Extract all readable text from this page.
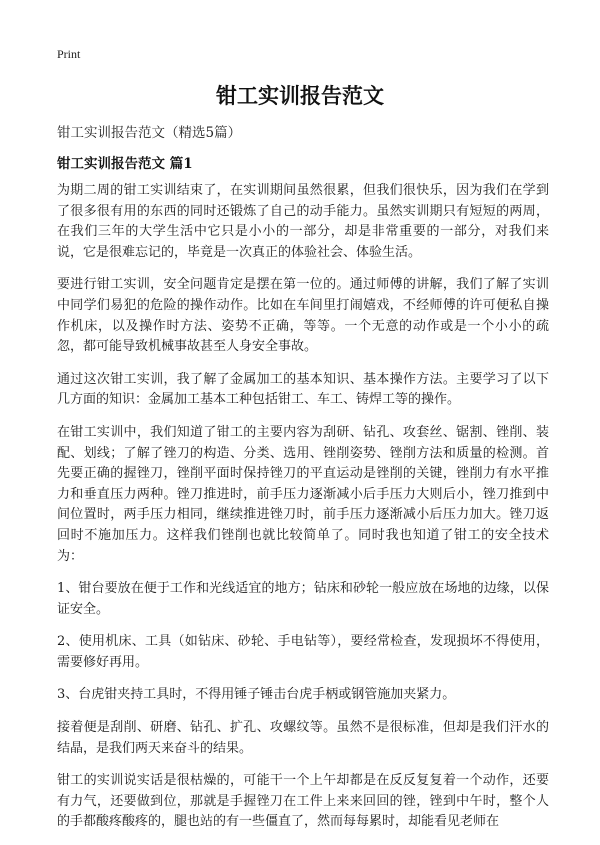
Print
钳工实训报告范文

钳工实训报告范文（精选5篇）

钳工实训报告范文 篇1

为期二周的钳工实训结束了，在实训期间虽然很累，但我们很快乐，因为我们在学到了很多很有用的东西的同时还锻炼了自己的动手能力。虽然实训期只有短短的两周，在我们三年的大学生活中它只是小小的一部分，却是非常重要的一部分，对我们来说，它是很难忘记的，毕竟是一次真正的体验社会、体验生活。

要进行钳工实训，安全问题肯定是摆在第一位的。通过师傅的讲解，我们了解了实训中同学们易犯的危险的操作动作。比如在车间里打闹嬉戏，不经师傅的许可便私自操作机床，以及操作时方法、姿势不正确，等等。一个无意的动作或是一个小小的疏忽，都可能导致机械事故甚至人身安全事故。

通过这次钳工实训，我了解了金属加工的基本知识、基本操作方法。主要学习了以下几方面的知识：金属加工基本工种包括钳工、车工、铸焊工等的操作。

在钳工实训中，我们知道了钳工的主要内容为刮研、钻孔、攻套丝、锯割、锉削、装配、划线；了解了锉刀的构造、分类、选用、锉削姿势、锉削方法和质量的检测。首先要正确的握锉刀，锉削平面时保持锉刀的平直运动是锉削的关键，锉削力有水平推力和垂直压力两种。锉刀推进时，前手压力逐渐减小后手压力大则后小，锉刀推到中间位置时，两手压力相同，继续推进锉刀时，前手压力逐渐减小后压力加大。锉刀返回时不施加压力。这样我们锉削也就比较简单了。同时我也知道了钳工的安全技术为：

1、钳台要放在便于工作和光线适宜的地方；钻床和砂轮一般应放在场地的边缘，以保证安全。

2、使用机床、工具（如钻床、砂轮、手电钻等），要经常检查，发现损坏不得使用，需要修好再用。

3、台虎钳夹持工具时，不得用锤子锤击台虎手柄或钢管施加夹紧力。

接着便是刮削、研磨、钻孔、扩孔、攻螺纹等。虽然不是很标准，但却是我们汗水的结晶，是我们两天来奋斗的结果。

钳工的实训说实话是很枯燥的，可能干一个上午却都是在反反复复着一个动作，还要有力气，还要做到位，那就是手握锉刀在工件上来来回回的锉，锉到中午时，整个人的手都酸疼酸疼的，腿也站的有一些僵直了，然而每每累时，却能看见老师在
